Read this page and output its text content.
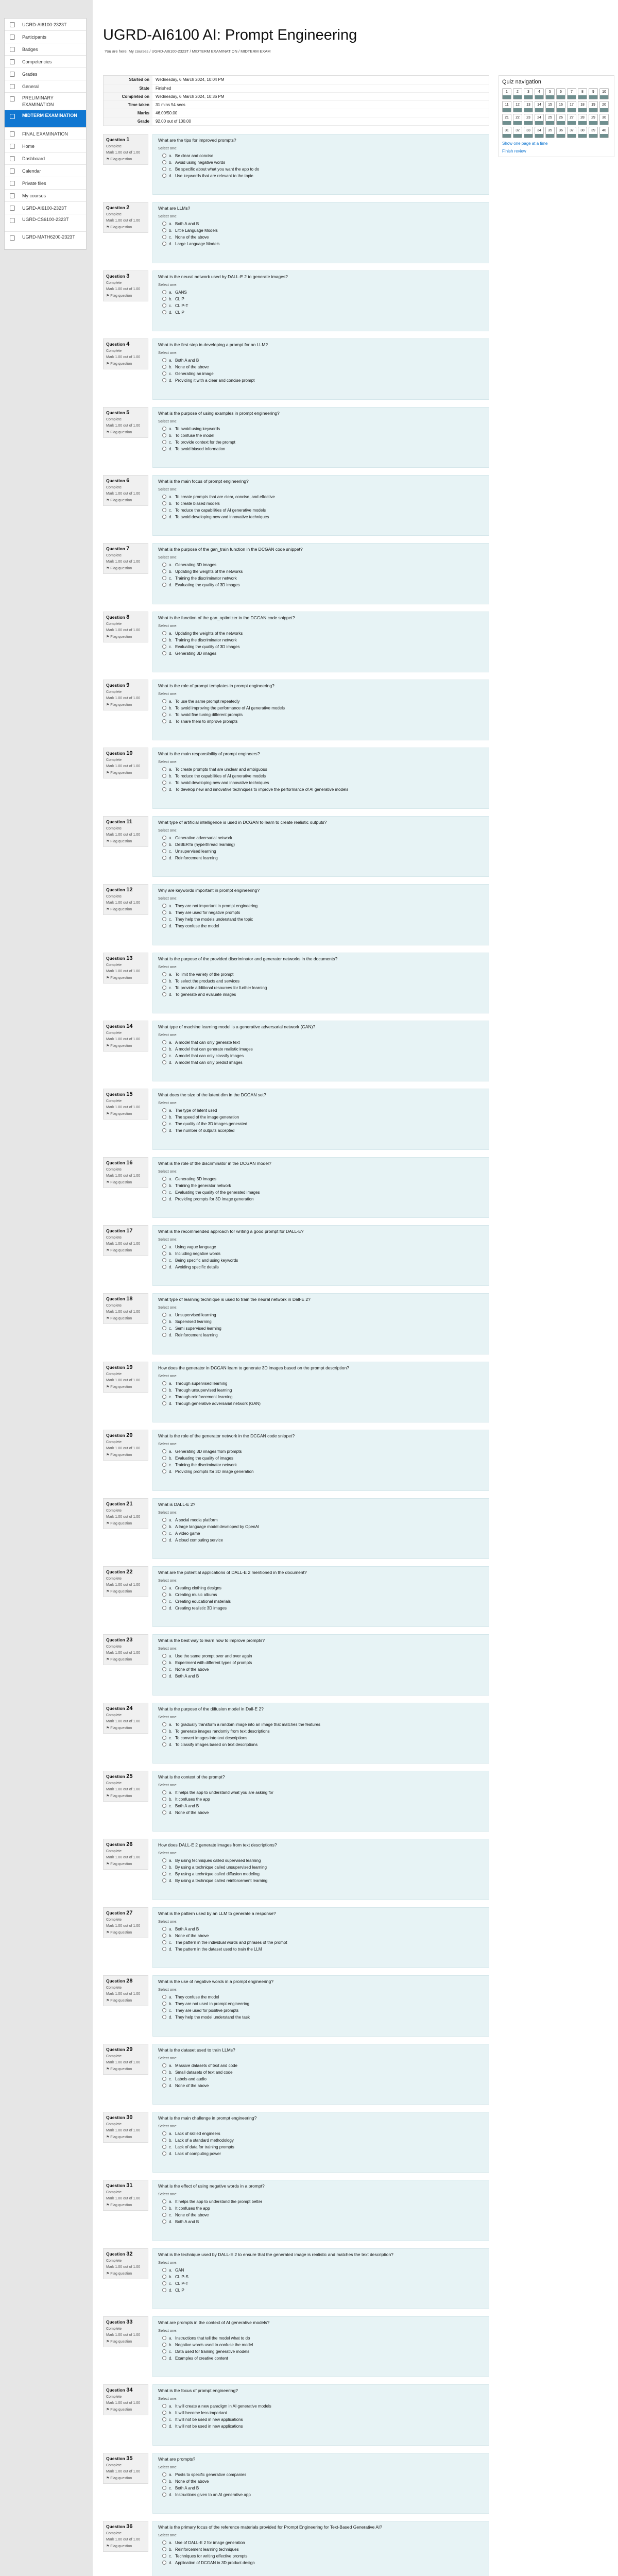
UGRD-AI6100-2323T
Participants
Badges
Competencies
Grades
General
PRELIMINARY EXAMINATION
MIDTERM EXAMINATION
FINAL EXAMINATION
Home
Dashboard
Calendar
Private files
My courses
UGRD-AI6100-2323T
UGRD-CS6100-2323T
UGRD-MATH6200-2323T
UGRD-AI6100 AI: Prompt Engineering
You are here: My courses / UGRD-AI6100-2323T / MIDTERM EXAMINATION / MIDTERM EXAM
Started on	Wednesday, 6 March 2024, 10:04 PM
State	Finished
Completed on	Wednesday, 6 March 2024, 10:36 PM
Time taken	31 mins 54 secs
Marks	46.00/50.00
Grade	92.00 out of 100.00
Question 1
Complete
Mark 1.00 out of 1.00
⚑ Flag question
What are the tips for improved prompts?
Select one:
a. Be clear and concise
b. Avoid using negative words
c. Be specific about what you want the app to do
d. Use keywords that are relevant to the topic
Question 2
Complete
Mark 1.00 out of 1.00
⚑ Flag question
What are LLMs?
Select one:
a. Both A and B
b. Little Language Models
c. None of the above
d. Large Language Models
Question 3
Complete
Mark 1.00 out of 1.00
⚑ Flag question
What is the neural network used by DALL-E 2 to generate images?
Select one:
a. GANS
b. CLIP
c. CLIP-T
d. CLIP
Question 4
Complete
Mark 1.00 out of 1.00
⚑ Flag question
What is the first step in developing a prompt for an LLM?
Select one:
a. Both A and B
b. None of the above
c. Generating an image
d. Providing it with a clear and concise prompt
Question 5
Complete
Mark 1.00 out of 1.00
⚑ Flag question
What is the purpose of using examples in prompt engineering?
Select one:
a. To avoid using keywords
b. To confuse the model
c. To provide context for the prompt
d. To avoid biased information
Question 6
Complete
Mark 1.00 out of 1.00
⚑ Flag question
What is the main focus of prompt engineering?
Select one:
a. To create prompts that are clear, concise, and effective
b. To create biased models
c. To reduce the capabilities of AI generative models
d. To avoid developing new and innovative techniques
Question 7
Complete
Mark 1.00 out of 1.00
⚑ Flag question
What is the purpose of the gan_train function in the DCGAN code snippet?
Select one:
a. Generating 3D images
b. Updating the weights of the networks
c. Training the discriminator network
d. Evaluating the quality of 3D images
Question 8
Complete
Mark 1.00 out of 1.00
⚑ Flag question
What is the function of the gan_optimizer in the DCGAN code snippet?
Select one:
a. Updating the weights of the networks
b. Training the discriminator network
c. Evaluating the quality of 3D images
d. Generating 3D images
Question 9
Complete
Mark 1.00 out of 1.00
⚑ Flag question
What is the role of prompt templates in prompt engineering?
Select one:
a. To use the same prompt repeatedly
b. To avoid improving the performance of AI generative models
c. To avoid fine tuning different prompts
d. To share them to improve prompts
Question 10
Complete
Mark 1.00 out of 1.00
⚑ Flag question
What is the main responsibility of prompt engineers?
Select one:
a. To create prompts that are unclear and ambiguous
b. To reduce the capabilities of AI generative models
c. To avoid developing new and innovative techniques
d. To develop new and innovative techniques to improve the performance of AI generative models
Question 11
Complete
Mark 1.00 out of 1.00
⚑ Flag question
What type of artificial intelligence is used in DCGAN to learn to create realistic outputs?
Select one:
a. Generative adversarial network
b. DeBERTa (hyperthread learning)
c. Unsupervised learning
d. Reinforcement learning
Question 12
Complete
Mark 1.00 out of 1.00
⚑ Flag question
Why are keywords important in prompt engineering?
Select one:
a. They are not important in prompt engineering
b. They are used for negative prompts
c. They help the models understand the topic
d. They confuse the model
Question 13
Complete
Mark 1.00 out of 1.00
⚑ Flag question
What is the purpose of the provided discriminator and generator networks in the documents?
Select one:
a. To limit the variety of the prompt
b. To select the products and services
c. To provide additional resources for further learning
d. To generate and evaluate images
Question 14
Complete
Mark 1.00 out of 1.00
⚑ Flag question
What type of machine learning model is a generative adversarial network (GAN)?
Select one:
a. A model that can only generate text
b. A model that can generate realistic images
c. A model that can only classify images
d. A model that can only predict images
Question 15
Complete
Mark 1.00 out of 1.00
⚑ Flag question
What does the size of the latent dim in the DCGAN set?
Select one:
a. The type of latent used
b. The speed of the image generation
c. The quality of the 3D images generated
d. The number of outputs accepted
Question 16
Complete
Mark 1.00 out of 1.00
⚑ Flag question
What is the role of the discriminator in the DCGAN model?
Select one:
a. Generating 3D images
b. Training the generator network
c. Evaluating the quality of the generated images
d. Providing prompts for 3D image generation
Question 17
Complete
Mark 1.00 out of 1.00
⚑ Flag question
What is the recommended approach for writing a good prompt for DALL-E?
Select one:
a. Using vague language
b. Including negative words
c. Being specific and using keywords
d. Avoiding specific details
Question 18
Complete
Mark 1.00 out of 1.00
⚑ Flag question
What type of learning technique is used to train the neural network in Dall-E 2?
Select one:
a. Unsupervised learning
b. Supervised learning
c. Semi supervised learning
d. Reinforcement learning
Question 19
Complete
Mark 1.00 out of 1.00
⚑ Flag question
How does the generator in DCGAN learn to generate 3D images based on the prompt description?
Select one:
a. Through supervised learning
b. Through unsupervised learning
c. Through reinforcement learning
d. Through generative adversarial network (GAN)
Question 20
Complete
Mark 1.00 out of 1.00
⚑ Flag question
What is the role of the generator network in the DCGAN code snippet?
Select one:
a. Generating 3D images from prompts
b. Evaluating the quality of images
c. Training the discriminator network
d. Providing prompts for 3D image generation
Question 21
Complete
Mark 1.00 out of 1.00
⚑ Flag question
What is DALL-E 2?
Select one:
a. A social media platform
b. A large language model developed by OpenAI
c. A video game
d. A cloud computing service
Question 22
Complete
Mark 1.00 out of 1.00
⚑ Flag question
What are the potential applications of DALL-E 2 mentioned in the document?
Select one:
a. Creating clothing designs
b. Creating music albums
c. Creating educational materials
d. Creating realistic 3D images
Question 23
Complete
Mark 1.00 out of 1.00
⚑ Flag question
What is the best way to learn how to improve prompts?
Select one:
a. Use the same prompt over and over again
b. Experiment with different types of prompts
c. None of the above
d. Both A and B
Question 24
Complete
Mark 1.00 out of 1.00
⚑ Flag question
What is the purpose of the diffusion model in Dall-E 2?
Select one:
a. To gradually transform a random image into an image that matches the features
b. To generate images randomly from text descriptions
c. To convert images into text descriptions
d. To classify images based on text descriptions
Question 25
Complete
Mark 1.00 out of 1.00
⚑ Flag question
What is the context of the prompt?
Select one:
a. It helps the app to understand what you are asking for
b. It confuses the app
c. Both A and B
d. None of the above
Question 26
Complete
Mark 1.00 out of 1.00
⚑ Flag question
How does DALL-E 2 generate images from text descriptions?
Select one:
a. By using techniques called supervised learning
b. By using a technique called unsupervised learning
c. By using a technique called diffusion modeling
d. By using a technique called reinforcement learning
Question 27
Complete
Mark 1.00 out of 1.00
⚑ Flag question
What is the pattern used by an LLM to generate a response?
Select one:
a. Both A and B
b. None of the above
c. The pattern in the individual words and phrases of the prompt
d. The pattern in the dataset used to train the LLM
Question 28
Complete
Mark 1.00 out of 1.00
⚑ Flag question
What is the use of negative words in a prompt engineering?
Select one:
a. They confuse the model
b. They are not used in prompt engineering
c. They are used for positive prompts
d. They help the model understand the task
Question 29
Complete
Mark 1.00 out of 1.00
⚑ Flag question
What is the dataset used to train LLMs?
Select one:
a. Massive datasets of text and code
b. Small datasets of text and code
c. Labels and audio
d. None of the above
Question 30
Complete
Mark 1.00 out of 1.00
⚑ Flag question
What is the main challenge in prompt engineering?
Select one:
a. Lack of skilled engineers
b. Lack of a standard methodology
c. Lack of data for training prompts
d. Lack of computing power
Question 31
Complete
Mark 1.00 out of 1.00
⚑ Flag question
What is the effect of using negative words in a prompt?
Select one:
a. It helps the app to understand the prompt better
b. It confuses the app
c. None of the above
d. Both A and B
Question 32
Complete
Mark 1.00 out of 1.00
⚑ Flag question
What is the technique used by DALL-E 2 to ensure that the generated image is realistic and matches the text description?
Select one:
a. GAN
b. CLIP-S
c. CLIP-T
d. CLIP
Question 33
Complete
Mark 1.00 out of 1.00
⚑ Flag question
What are prompts in the context of AI generative models?
Select one:
a. Instructions that tell the model what to do
b. Negative words used to confuse the model
c. Data used for training generative models
d. Examples of creative content
Question 34
Complete
Mark 1.00 out of 1.00
⚑ Flag question
What is the focus of prompt engineering?
Select one:
a. It will create a new paradigm in AI generative models
b. It will become less important
c. It will not be used in new applications
d. It will not be used in new applications
Question 35
Complete
Mark 1.00 out of 1.00
⚑ Flag question
What are prompts?
Select one:
a. Posts to specific generative companies
b. None of the above
c. Both A and B
d. Instructions given to an AI generative app
Question 36
Complete
Mark 1.00 out of 1.00
⚑ Flag question
What is the primary focus of the reference materials provided for Prompt Engineering for Text-Based Generative AI?
Select one:
a. Use of DALL-E 2 for image generation
b. Reinforcement learning techniques
c. Techniques for writing effective prompts
d. Application of DCGAN in 3D product design
Quiz navigation
1	2	3	4	5	6	7	8	9	10
11	12	13	14	15	16	17	18	19	20
21	22	23	24	25	26	27	28	29	30
31	32	33	34	35	36	37	38	39	40
Show one page at a time
Finish review
